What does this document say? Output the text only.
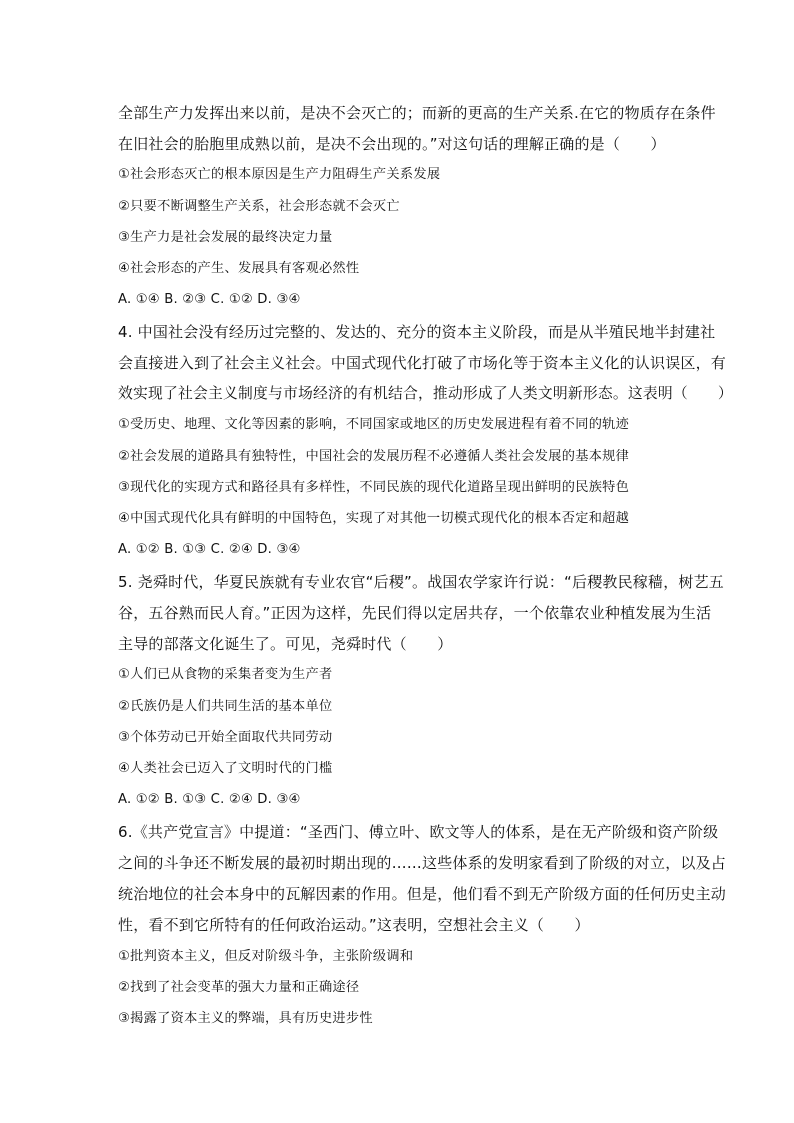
全部生产力发挥出来以前，是决不会灭亡的；而新的更高的生产关系.在它的物质存在条件
在旧社会的胎胞里成熟以前，是决不会出现的。”对这句话的理解正确的是（　　）
①社会形态灭亡的根本原因是生产力阻碍生产关系发展
②只要不断调整生产关系，社会形态就不会灭亡
③生产力是社会发展的最终决定力量
④社会形态的产生、发展具有客观必然性
A. ①④ B. ②③ C. ①② D. ③④
4. 中国社会没有经历过完整的、发达的、充分的资本主义阶段，而是从半殖民地半封建社
会直接进入到了社会主义社会。中国式现代化打破了市场化等于资本主义化的认识误区，有
效实现了社会主义制度与市场经济的有机结合，推动形成了人类文明新形态。这表明（　　）
①受历史、地理、文化等因素的影响，不同国家或地区的历史发展进程有着不同的轨迹
②社会发展的道路具有独特性，中国社会的发展历程不必遵循人类社会发展的基本规律
③现代化的实现方式和路径具有多样性，不同民族的现代化道路呈现出鲜明的民族特色
④中国式现代化具有鲜明的中国特色，实现了对其他一切模式现代化的根本否定和超越
A. ①② B. ①③ C. ②④ D. ③④
5. 尧舜时代，华夏民族就有专业农官“后稷”。战国农学家许行说：“后稷教民稼穑，树艺五
谷，五谷熟而民人育。”正因为这样，先民们得以定居共存，一个依靠农业种植发展为生活
主导的部落文化诞生了。可见，尧舜时代（　　）
①人们已从食物的采集者变为生产者
②氏族仍是人们共同生活的基本单位
③个体劳动已开始全面取代共同劳动
④人类社会已迈入了文明时代的门槛
A. ①② B. ①③ C. ②④ D. ③④
6.《共产党宣言》中提道：“圣西门、傅立叶、欧文等人的体系，是在无产阶级和资产阶级
之间的斗争还不断发展的最初时期出现的……这些体系的发明家看到了阶级的对立，以及占
统治地位的社会本身中的瓦解因素的作用。但是，他们看不到无产阶级方面的任何历史主动
性，看不到它所特有的任何政治运动。”这表明，空想社会主义（　　）
①批判资本主义，但反对阶级斗争，主张阶级调和
②找到了社会变革的强大力量和正确途径
③揭露了资本主义的弊端，具有历史进步性
